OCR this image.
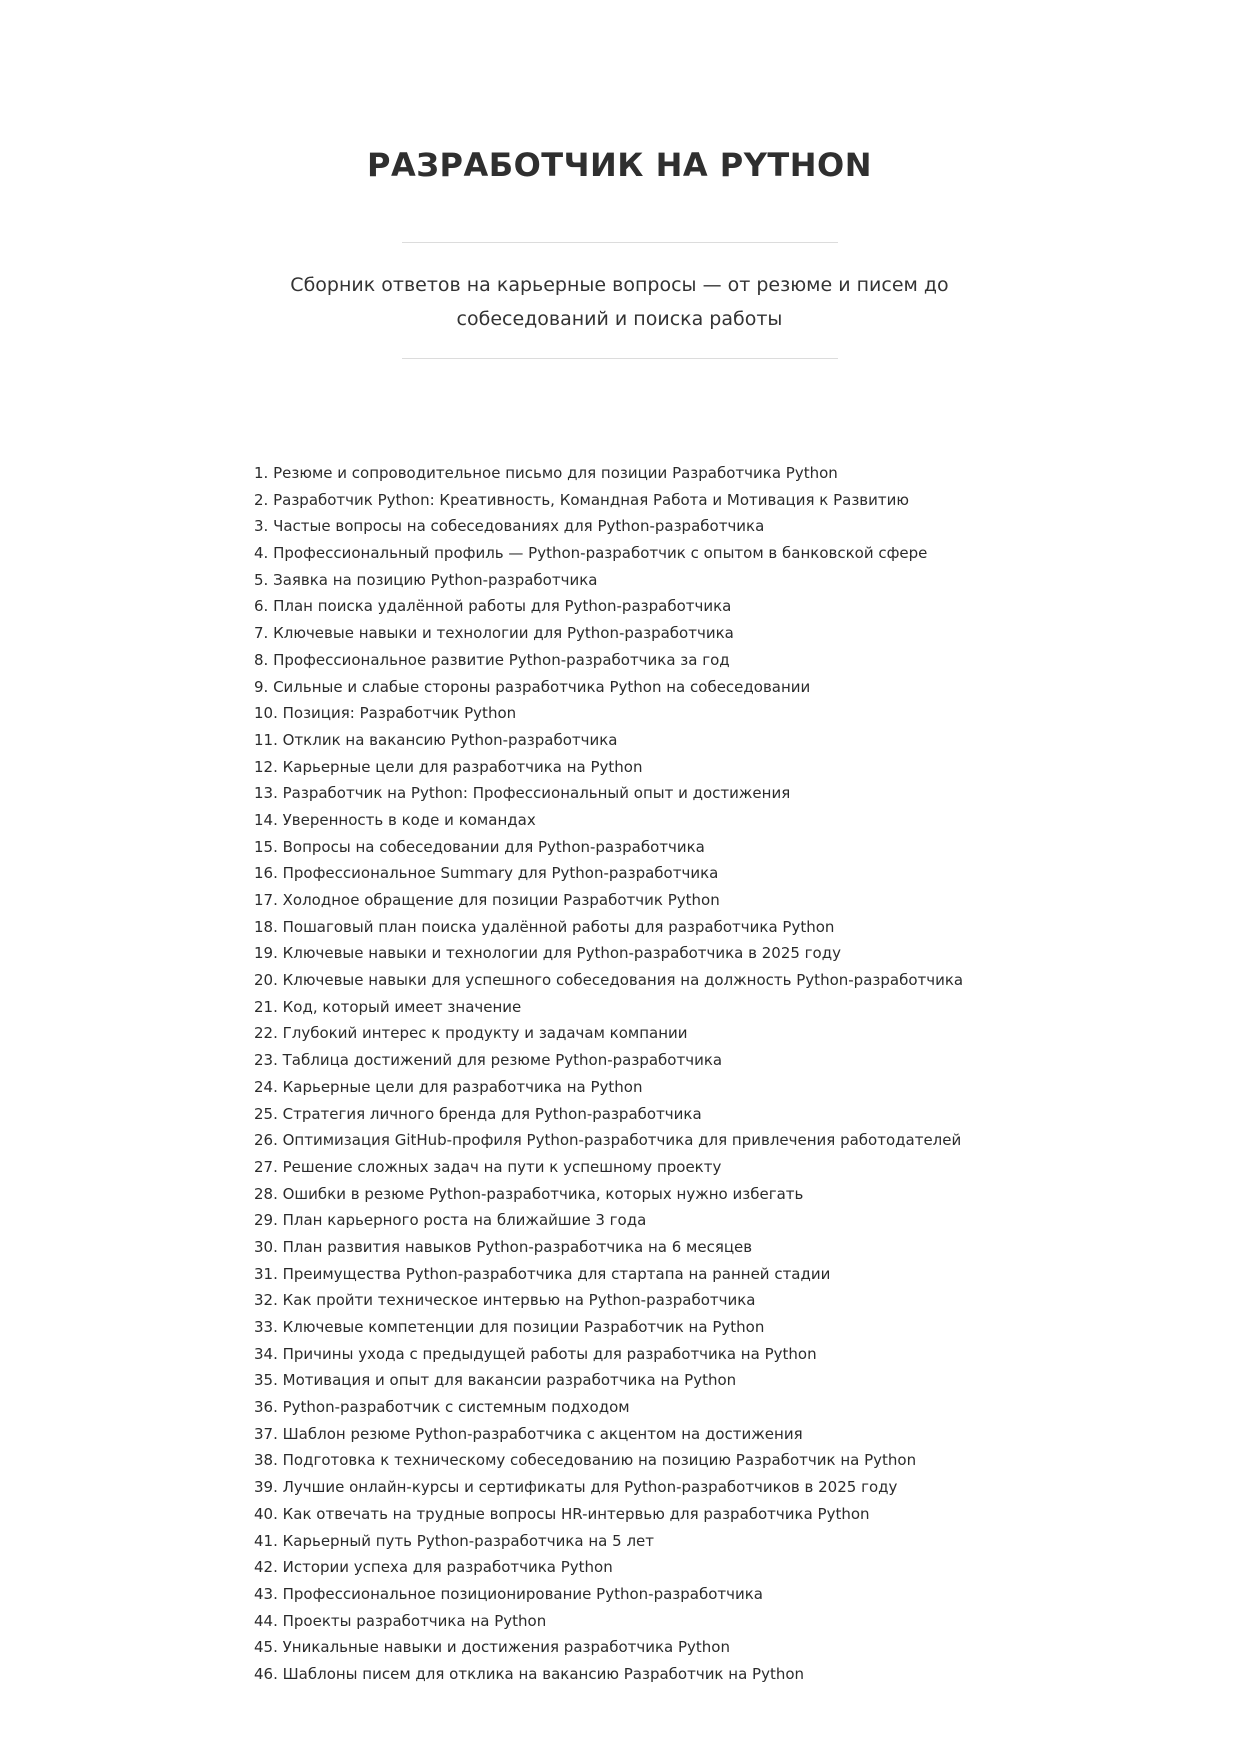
РАЗРАБОТЧИК НА PYTHON

Сборник ответов на карьерные вопросы — от резюме и писем до собеседований и поиска работы

1. Резюме и сопроводительное письмо для позиции Разработчика Python
2. Разработчик Python: Креативность, Командная Работа и Мотивация к Развитию
3. Частые вопросы на собеседованиях для Python-разработчика
4. Профессиональный профиль — Python-разработчик с опытом в банковской сфере
5. Заявка на позицию Python-разработчика
6. План поиска удалённой работы для Python-разработчика
7. Ключевые навыки и технологии для Python-разработчика
8. Профессиональное развитие Python-разработчика за год
9. Сильные и слабые стороны разработчика Python на собеседовании
10. Позиция: Разработчик Python
11. Отклик на вакансию Python-разработчика
12. Карьерные цели для разработчика на Python
13. Разработчик на Python: Профессиональный опыт и достижения
14. Уверенность в коде и командах
15. Вопросы на собеседовании для Python-разработчика
16. Профессиональное Summary для Python-разработчика
17. Холодное обращение для позиции Разработчик Python
18. Пошаговый план поиска удалённой работы для разработчика Python
19. Ключевые навыки и технологии для Python-разработчика в 2025 году
20. Ключевые навыки для успешного собеседования на должность Python-разработчика
21. Код, который имеет значение
22. Глубокий интерес к продукту и задачам компании
23. Таблица достижений для резюме Python-разработчика
24. Карьерные цели для разработчика на Python
25. Стратегия личного бренда для Python-разработчика
26. Оптимизация GitHub-профиля Python-разработчика для привлечения работодателей
27. Решение сложных задач на пути к успешному проекту
28. Ошибки в резюме Python-разработчика, которых нужно избегать
29. План карьерного роста на ближайшие 3 года
30. План развития навыков Python-разработчика на 6 месяцев
31. Преимущества Python-разработчика для стартапа на ранней стадии
32. Как пройти техническое интервью на Python-разработчика
33. Ключевые компетенции для позиции Разработчик на Python
34. Причины ухода с предыдущей работы для разработчика на Python
35. Мотивация и опыт для вакансии разработчика на Python
36. Python-разработчик с системным подходом
37. Шаблон резюме Python-разработчика с акцентом на достижения
38. Подготовка к техническому собеседованию на позицию Разработчик на Python
39. Лучшие онлайн-курсы и сертификаты для Python-разработчиков в 2025 году
40. Как отвечать на трудные вопросы HR-интервью для разработчика Python
41. Карьерный путь Python-разработчика на 5 лет
42. Истории успеха для разработчика Python
43. Профессиональное позиционирование Python-разработчика
44. Проекты разработчика на Python
45. Уникальные навыки и достижения разработчика Python
46. Шаблоны писем для отклика на вакансию Разработчик на Python
